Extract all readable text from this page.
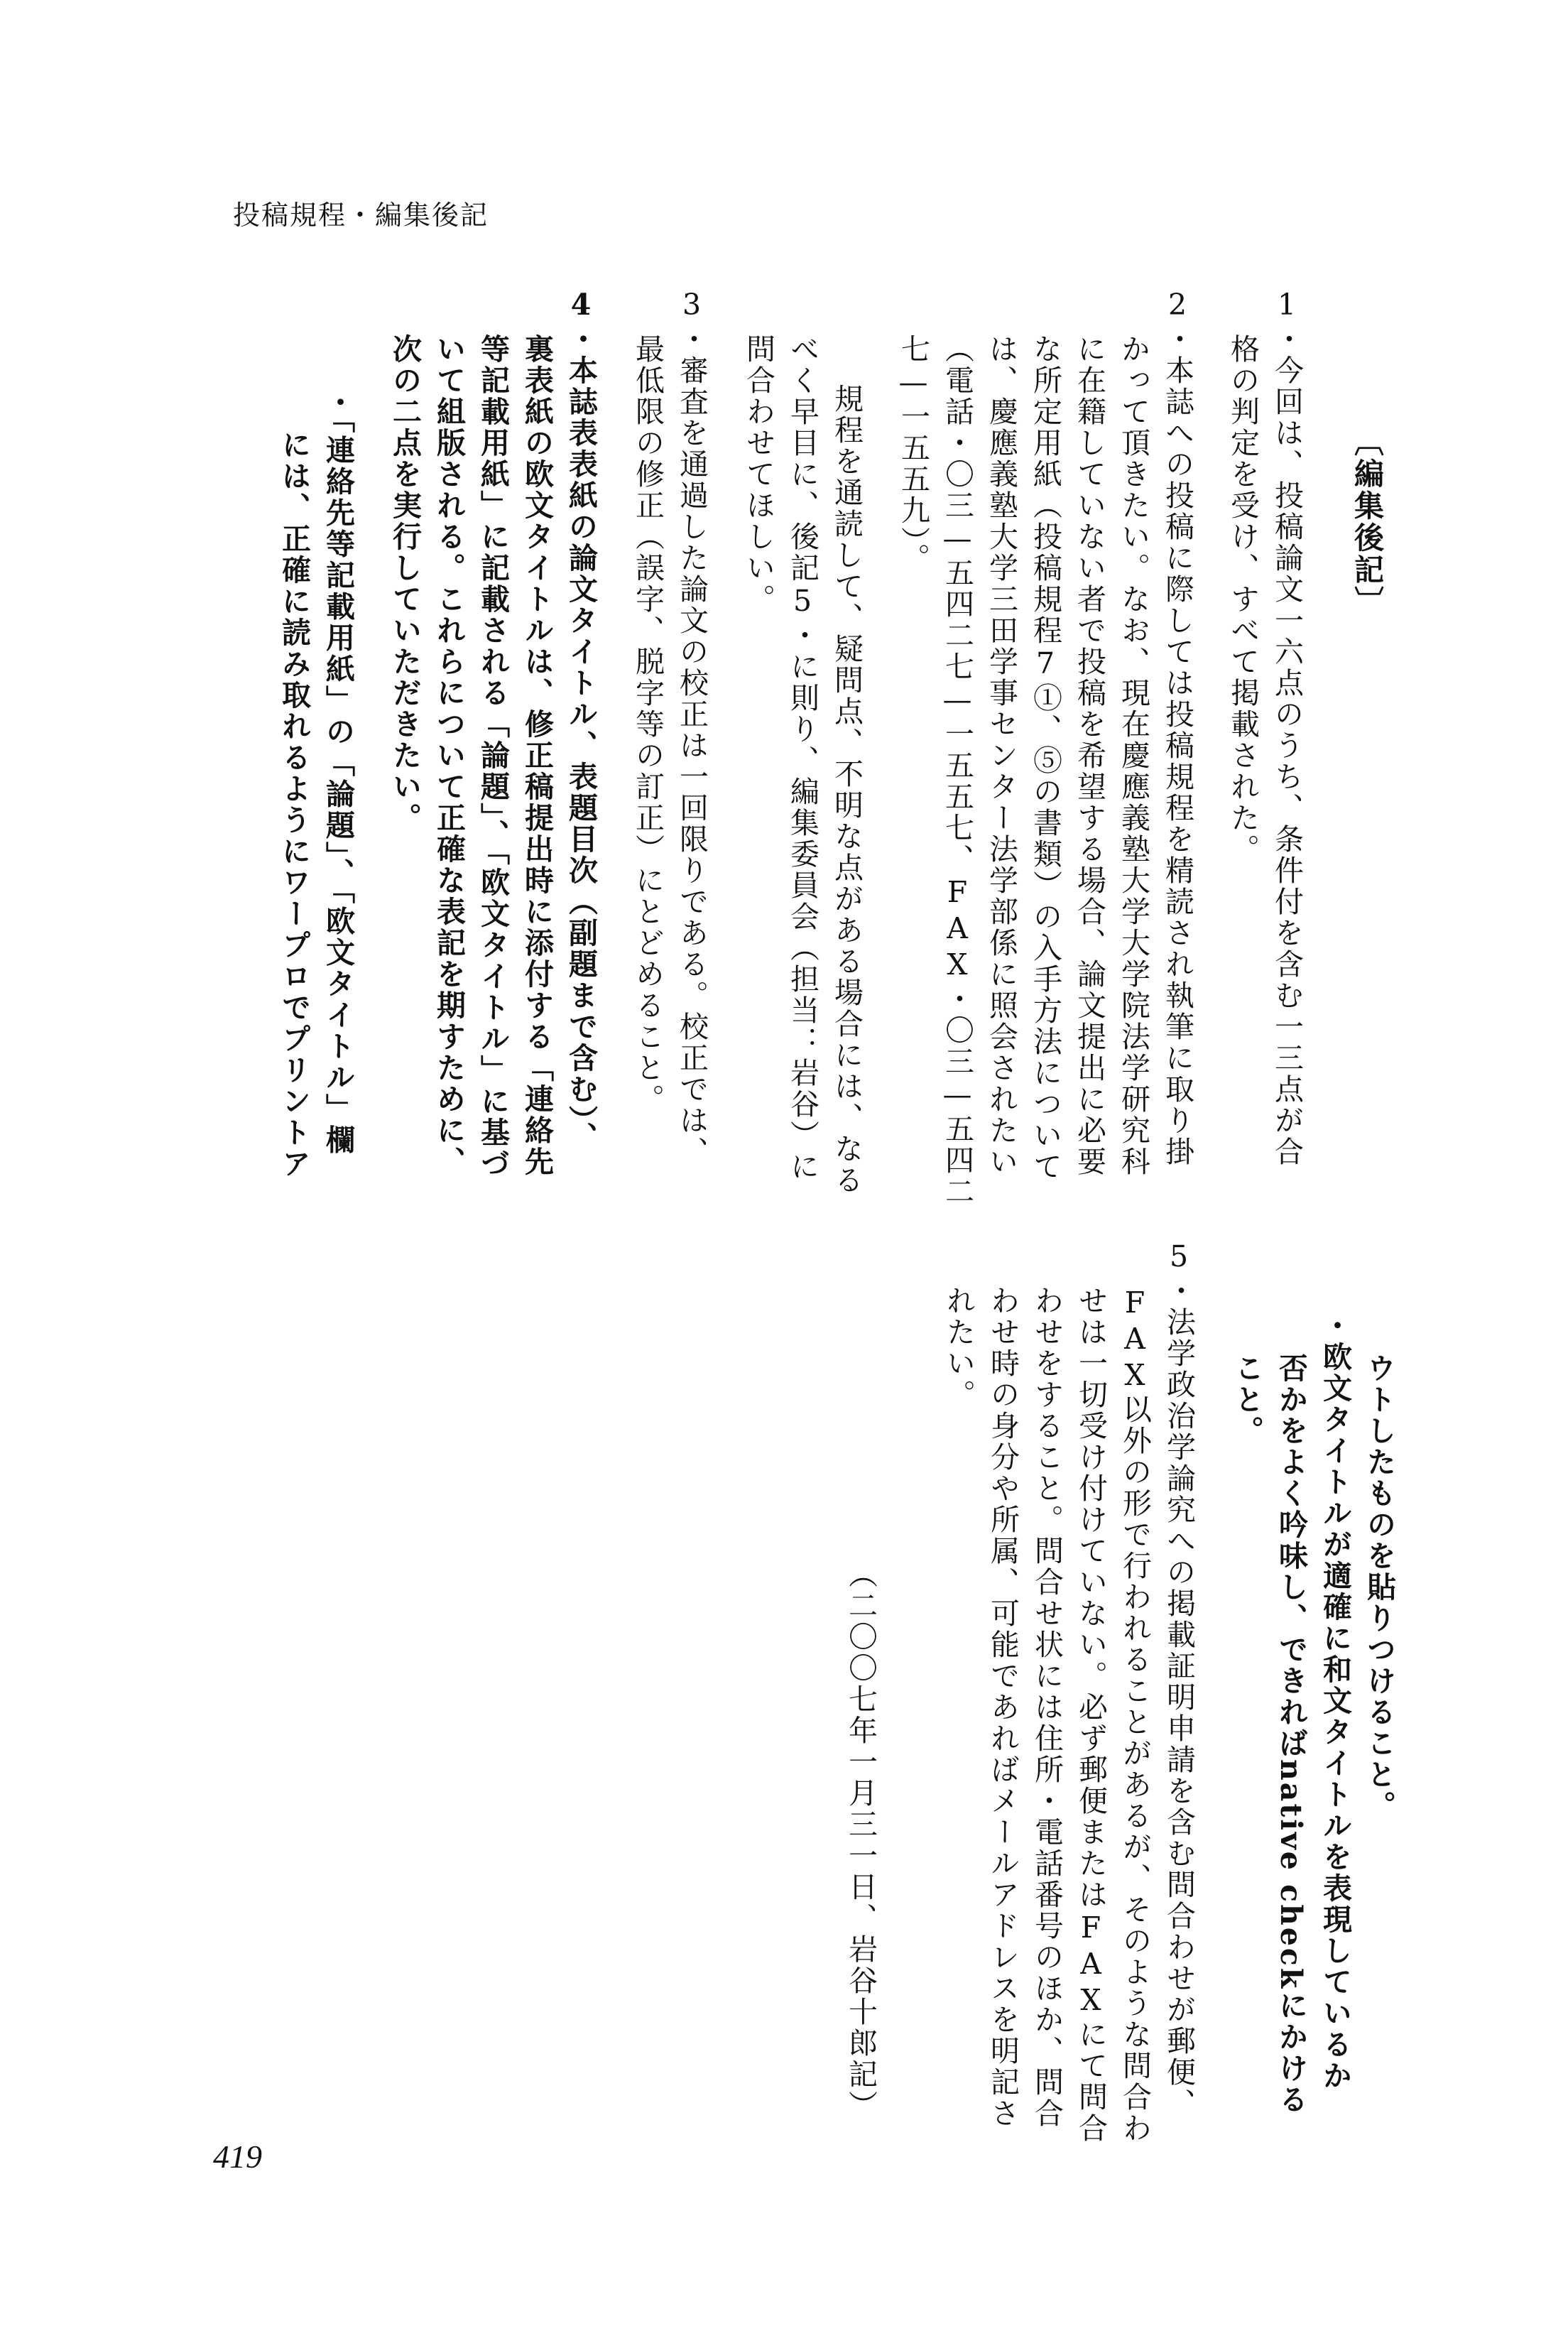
投稿規程・編集後記
〔編集後記〕
1・今回は、投稿論文一六点のうち、条件付を含む一三点が合
格の判定を受け、すべて掲載された。
2・本誌への投稿に際しては投稿規程を精読され執筆に取り掛
かって頂きたい。なお、現在慶應義塾大学大学院法学研究科
に在籍していない者で投稿を希望する場合、論文提出に必要
な所定用紙（投稿規程7①、⑤の書類）の入手方法について
は、慶應義塾大学三田学事センター法学部係に照会されたい
（電話・〇三—五四二七—一五五七、FAX・〇三—五四二
七—一五五九）。
規程を通読して、疑問点、不明な点がある場合には、なる
べく早目に、後記5・に則り、編集委員会（担当：岩谷）に
問合わせてほしい。
3・審査を通過した論文の校正は一回限りである。校正では、
最低限の修正（誤字、脱字等の訂正）にとどめること。
4・本誌表表紙の論文タイトル、表題目次（副題まで含む）、
裏表紙の欧文タイトルは、修正稿提出時に添付する「連絡先
等記載用紙」に記載される「論題」、「欧文タイトル」に基づ
いて組版される。これらについて正確な表記を期すために、
次の二点を実行していただきたい。
・「連絡先等記載用紙」の「論題」、「欧文タイトル」欄
には、正確に読み取れるようにワープロでプリントア
ウトしたものを貼りつけること。
・欧文タイトルが適確に和文タイトルを表現しているか
否かをよく吟味し、できればnative checkにかける
こと。
5・法学政治学論究への掲載証明申請を含む問合わせが郵便、
FAX以外の形で行われることがあるが、そのような問合わ
せは一切受け付けていない。必ず郵便またはFAXにて問合
わせをすること。問合せ状には住所・電話番号のほか、問合
わせ時の身分や所属、可能であればメールアドレスを明記さ
れたい。
（二〇〇七年一月三一日、岩谷十郎記）
419
